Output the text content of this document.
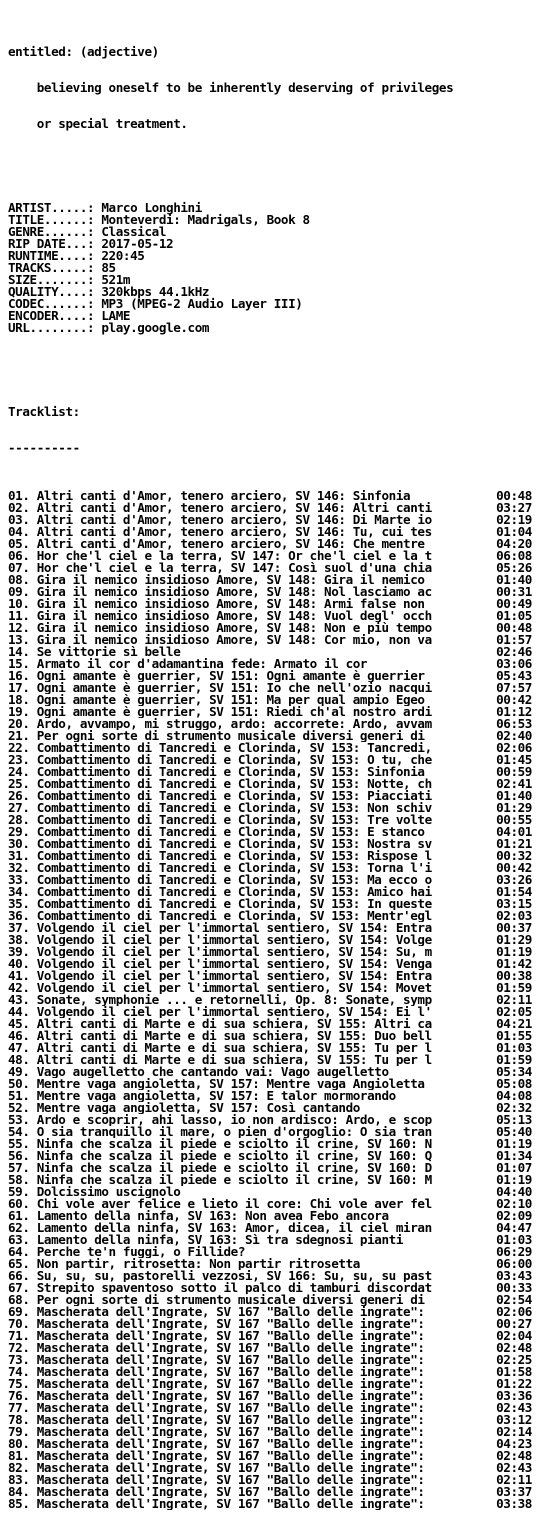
entitled: (adjective)

believing oneself to be inherently deserving of privileges

or special treatment.

ARTIST.....: Marco Longhini
TITLE......: Monteverdi: Madrigals, Book 8
GENRE......: Classical
RIP DATE...: 2017-05-12
RUNTIME....: 220:45
TRACKS.....: 85
SIZE.......: 521m
QUALITY....: 320kbps 44.1kHz
CODEC......: MP3 (MPEG-2 Audio Layer III)
ENCODER....: LAME
URL........: play.google.com

Tracklist:

----------

01. Altri canti d'Amor, tenero arciero, SV 146: Sinfonia	00:48
02. Altri canti d'Amor, tenero arciero, SV 146: Altri canti	03:27
03. Altri canti d'Amor, tenero arciero, SV 146: Di Marte io	02:19
04. Altri canti d'Amor, tenero arciero, SV 146: Tu, cui tes	01:04
05. Altri canti d'Amor, tenero arciero, SV 146: Che mentre	04:20
06. Hor che'l ciel e la terra, SV 147: Or che'l ciel e la t	06:08
07. Hor che'l ciel e la terra, SV 147: Così suol d'una chia	05:26
08. Gira il nemico insidioso Amore, SV 148: Gira il nemico	01:40
09. Gira il nemico insidioso Amore, SV 148: Nol lasciamo ac	00:31
10. Gira il nemico insidioso Amore, SV 148: Armi false non	00:49
11. Gira il nemico insidioso Amore, SV 148: Vuol degl' occh	01:05
12. Gira il nemico insidioso Amore, SV 148: Non e più tempo	00:48
13. Gira il nemico insidioso Amore, SV 148: Cor mio, non va	01:57
14. Se vittorie sì belle	02:46
15. Armato il cor d'adamantina fede: Armato il cor	03:06
16. Ogni amante è guerrier, SV 151: Ogni amante è guerrier	05:43
17. Ogni amante è guerrier, SV 151: Io che nell'ozio nacqui	07:57
18. Ogni amante è guerrier, SV 151: Ma per qual ampio Egeo	00:42
19. Ogni amante è guerrier, SV 151: Riedi ch'al nostro ardi	01:12
20. Ardo, avvampo, mi struggo, ardo: accorrete: Ardo, avvam	06:53
21. Per ogni sorte di strumento musicale diversi generi di	02:40
22. Combattimento di Tancredi e Clorinda, SV 153: Tancredi,	02:06
23. Combattimento di Tancredi e Clorinda, SV 153: O tu, che	01:45
24. Combattimento di Tancredi e Clorinda, SV 153: Sinfonia	00:59
25. Combattimento di Tancredi e Clorinda, SV 153: Notte, ch	02:41
26. Combattimento di Tancredi e Clorinda, SV 153: Piacciati	01:40
27. Combattimento di Tancredi e Clorinda, SV 153: Non schiv	01:29
28. Combattimento di Tancredi e Clorinda, SV 153: Tre volte	00:55
29. Combattimento di Tancredi e Clorinda, SV 153: E stanco	04:01
30. Combattimento di Tancredi e Clorinda, SV 153: Nostra sv	01:21
31. Combattimento di Tancredi e Clorinda, SV 153: Rispose l	00:32
32. Combattimento di Tancredi e Clorinda, SV 153: Torna l'i	00:42
33. Combattimento di Tancredi e Clorinda, SV 153: Ma ecco o	03:26
34. Combattimento di Tancredi e Clorinda, SV 153: Amico hai	01:54
35. Combattimento di Tancredi e Clorinda, SV 153: In queste	03:15
36. Combattimento di Tancredi e Clorinda, SV 153: Mentr'egl	02:03
37. Volgendo il ciel per l'immortal sentiero, SV 154: Entra	00:37
38. Volgendo il ciel per l'immortal sentiero, SV 154: Volge	01:29
39. Volgendo il ciel per l'immortal sentiero, SV 154: Su, m	01:19
40. Volgendo il ciel per l'immortal sentiero, SV 154: Venga	01:42
41. Volgendo il ciel per l'immortal sentiero, SV 154: Entra	00:38
42. Volgendo il ciel per l'immortal sentiero, SV 154: Movet	01:59
43. Sonate, symphonie ... e retornelli, Op. 8: Sonate, symp	02:11
44. Volgendo il ciel per l'immortal sentiero, SV 154: Ei l'	02:05
45. Altri canti di Marte e di sua schiera, SV 155: Altri ca	04:21
46. Altri canti di Marte e di sua schiera, SV 155: Duo bell	01:55
47. Altri canti di Marte e di sua schiera, SV 155: Tu per l	01:03
48. Altri canti di Marte e di sua schiera, SV 155: Tu per l	01:59
49. Vago augelletto che cantando vai: Vago augelletto	05:34
50. Mentre vaga angioletta, SV 157: Mentre vaga Angioletta	05:08
51. Mentre vaga angioletta, SV 157: E talor mormorando	04:08
52. Mentre vaga angioletta, SV 157: Così cantando	02:32
53. Ardo e scoprir, ahi lasso, io non ardisco: Ardo, e scop	05:13
54. O sia tranquillo il mare, o pien d'orgoglio: O sia tran	05:40
55. Ninfa che scalza il piede e sciolto il crine, SV 160: N	01:19
56. Ninfa che scalza il piede e sciolto il crine, SV 160: Q	01:34
57. Ninfa che scalza il piede e sciolto il crine, SV 160: D	01:07
58. Ninfa che scalza il piede e sciolto il crine, SV 160: M	01:19
59. Dolcissimo uscignolo	04:40
60. Chi vole aver felice e lieto il core: Chi vole aver fel	02:10
61. Lamento della ninfa, SV 163: Non avea Febo ancora	02:09
62. Lamento della ninfa, SV 163: Amor, dicea, il ciel miran	04:47
63. Lamento della ninfa, SV 163: Sì tra sdegnosi pianti	01:03
64. Perche te'n fuggi, o Fillide?	06:29
65. Non partir, ritrosetta: Non partir ritrosetta	06:00
66. Su, su, su, pastorelli vezzosi, SV 166: Su, su, su past	03:43
67. Strepito spaventoso sotto il palco di tamburi discordat	00:33
68. Per ogni sorte di strumento musicale diversi generi di	02:54
69. Mascherata dell'Ingrate, SV 167 "Ballo delle ingrate":	02:06
70. Mascherata dell'Ingrate, SV 167 "Ballo delle ingrate":	00:27
71. Mascherata dell'Ingrate, SV 167 "Ballo delle ingrate":	02:04
72. Mascherata dell'Ingrate, SV 167 "Ballo delle ingrate":	02:48
73. Mascherata dell'Ingrate, SV 167 "Ballo delle ingrate":	02:25
74. Mascherata dell'Ingrate, SV 167 "Ballo delle ingrate":	01:58
75. Mascherata dell'Ingrate, SV 167 "Ballo delle ingrate":	01:22
76. Mascherata dell'Ingrate, SV 167 "Ballo delle ingrate":	03:36
77. Mascherata dell'Ingrate, SV 167 "Ballo delle ingrate":	02:43
78. Mascherata dell'Ingrate, SV 167 "Ballo delle ingrate":	03:12
79. Mascherata dell'Ingrate, SV 167 "Ballo delle ingrate":	02:14
80. Mascherata dell'Ingrate, SV 167 "Ballo delle ingrate":	04:23
81. Mascherata dell'Ingrate, SV 167 "Ballo delle ingrate":	02:48
82. Mascherata dell'Ingrate, SV 167 "Ballo delle ingrate":	02:43
83. Mascherata dell'Ingrate, SV 167 "Ballo delle ingrate":	02:11
84. Mascherata dell'Ingrate, SV 167 "Ballo delle ingrate":	03:37
85. Mascherata dell'Ingrate, SV 167 "Ballo delle ingrate":	03:38
